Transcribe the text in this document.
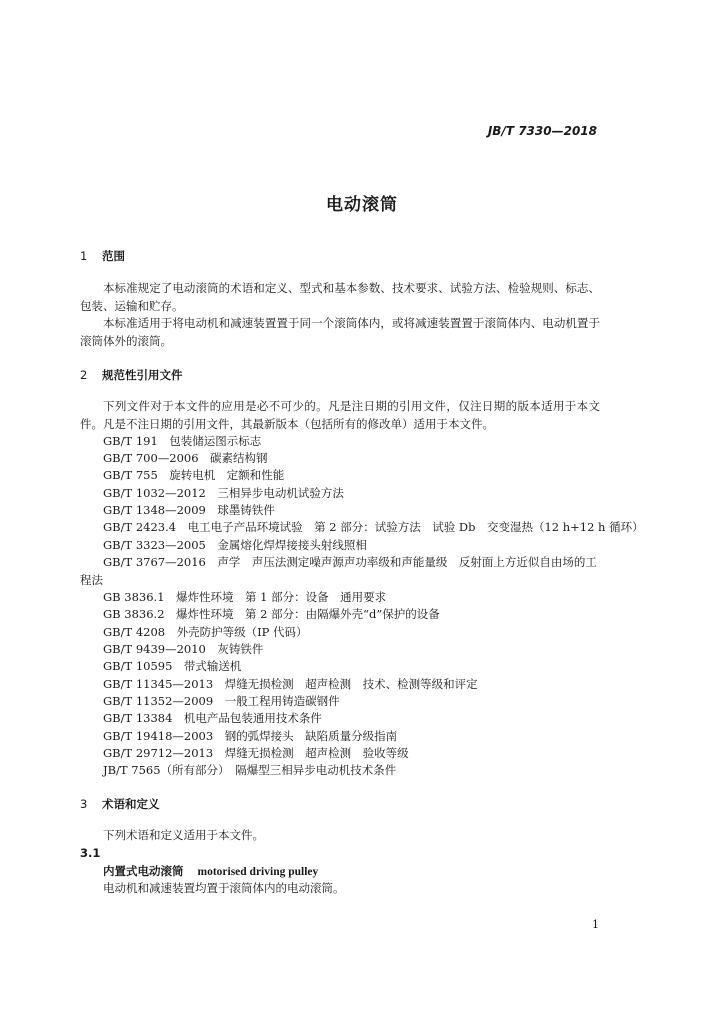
JB/T 7330—2018
电动滚筒
1 范围
本标准规定了电动滚筒的术语和定义、型式和基本参数、技术要求、试验方法、检验规则、标志、包装、运输和贮存。
本标准适用于将电动机和减速装置置于同一个滚筒体内，或将减速装置置于滚筒体内、电动机置于滚筒体外的滚筒。
2 规范性引用文件
下列文件对于本文件的应用是必不可少的。凡是注日期的引用文件，仅注日期的版本适用于本文件。凡是不注日期的引用文件，其最新版本（包括所有的修改单）适用于本文件。
GB/T 191　包装储运图示标志
GB/T 700—2006　碳素结构钢
GB/T 755　旋转电机　定额和性能
GB/T 1032—2012　三相异步电动机试验方法
GB/T 1348—2009　球墨铸铁件
GB/T 2423.4　电工电子产品环境试验　第 2 部分：试验方法　试验 Db　交变湿热（12 h+12 h 循环）
GB/T 3323—2005　金属熔化焊焊接接头射线照相
GB/T 3767—2016　声学　声压法测定噪声源声功率级和声能量级　反射面上方近似自由场的工程法
GB 3836.1　爆炸性环境　第 1 部分：设备　通用要求
GB 3836.2　爆炸性环境　第 2 部分：由隔爆外壳“d”保护的设备
GB/T 4208　外壳防护等级（IP 代码）
GB/T 9439—2010　灰铸铁件
GB/T 10595　带式输送机
GB/T 11345—2013　焊缝无损检测　超声检测　技术、检测等级和评定
GB/T 11352—2009　一般工程用铸造碳钢件
GB/T 13384　机电产品包装通用技术条件
GB/T 19418—2003　钢的弧焊接头　缺陷质量分级指南
GB/T 29712—2013　焊缝无损检测　超声检测　验收等级
JB/T 7565（所有部分）　隔爆型三相异步电动机技术条件
3 术语和定义
下列术语和定义适用于本文件。
3.1
内置式电动滚筒 motorised driving pulley
电动机和减速装置均置于滚筒体内的电动滚筒。
1
